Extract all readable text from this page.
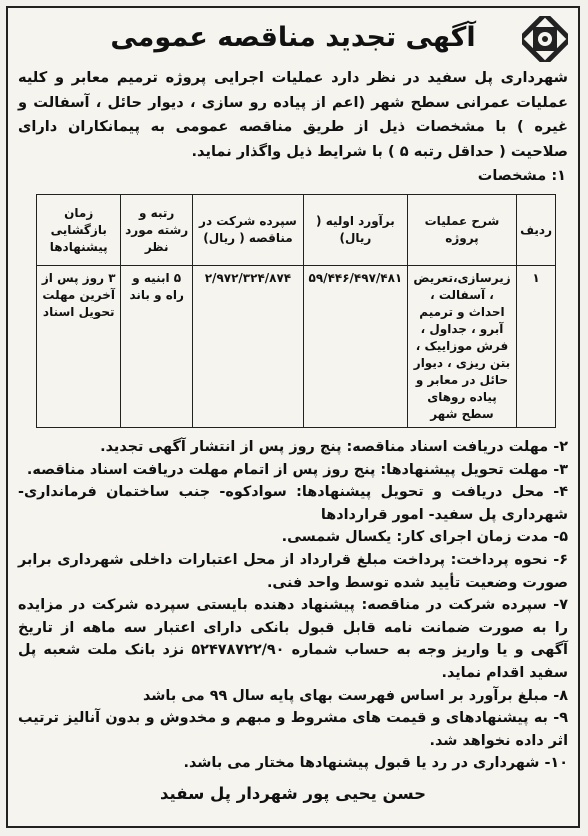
آگهی تجدید مناقصه عمومی
شهرداری پل سفید در نظر دارد عملیات اجرایی پروژه ترمیم معابر و کلیه عملیات عمرانی سطح شهر (اعم از پیاده رو سازی ، دیوار حائل ، آسفالت و غیره ) با مشخصات ذیل از طریق مناقصه عمومی به پیمانکاران دارای صلاحیت ( حداقل رتبه ۵ ) با شرایط ذیل واگذار نماید.
۱: مشخصات
ردیف	شرح عملیات پروژه	برآورد اولیه ( ریال)	سپرده شرکت در مناقصه ( ریال)	رتبه و رشته مورد نظر	زمان بازگشایی پیشنهادها
۱	زیرسازی،تعریض ، آسفالت ، احداث و ترمیم آبرو ، جداول ، فرش موزاییک ، بتن ریزی ، دیوار حائل در معابر و پیاده روهای سطح شهر	۵۹/۴۴۶/۴۹۷/۴۸۱	۲/۹۷۲/۳۲۴/۸۷۴	۵ ابنیه و راه و باند	۳ روز پس از آخرین مهلت تحویل اسناد

۲- مهلت دریافت اسناد مناقصه: پنج روز پس از انتشار آگهی تجدید.

۳- مهلت تحویل پیشنهادها: پنج روز پس از اتمام مهلت دریافت اسناد مناقصه.

۴- محل دریافت و تحویل پیشنهادها: سوادکوه- جنب ساختمان فرمانداری- شهرداری پل سفید- امور قراردادها

۵- مدت زمان اجرای کار: یکسال شمسی.

۶- نحوه پرداخت: پرداخت مبلغ قرارداد از محل اعتبارات داخلی شهرداری برابر صورت وضعیت تأیید شده توسط واحد فنی.

۷- سپرده شرکت در مناقصه: پیشنهاد دهنده بایستی سپرده شرکت در مزایده را به صورت ضمانت نامه قابل قبول بانکی دارای اعتبار سه ماهه از تاریخ آگهی و یا واریز وجه به حساب شماره ۵۲۴۷۸۷۲۲/۹۰ نزد بانک ملت شعبه پل سفید اقدام نماید.

۸- مبلغ برآورد بر اساس فهرست بهای پایه سال ۹۹ می باشد

۹- به پیشنهادهای و قیمت های مشروط و مبهم و مخدوش و بدون آنالیز ترتیب اثر داده نخواهد شد.

۱۰- شهرداری در رد یا قبول پیشنهادها مختار می باشد.

حسن یحیی پور شهردار پل سفید
